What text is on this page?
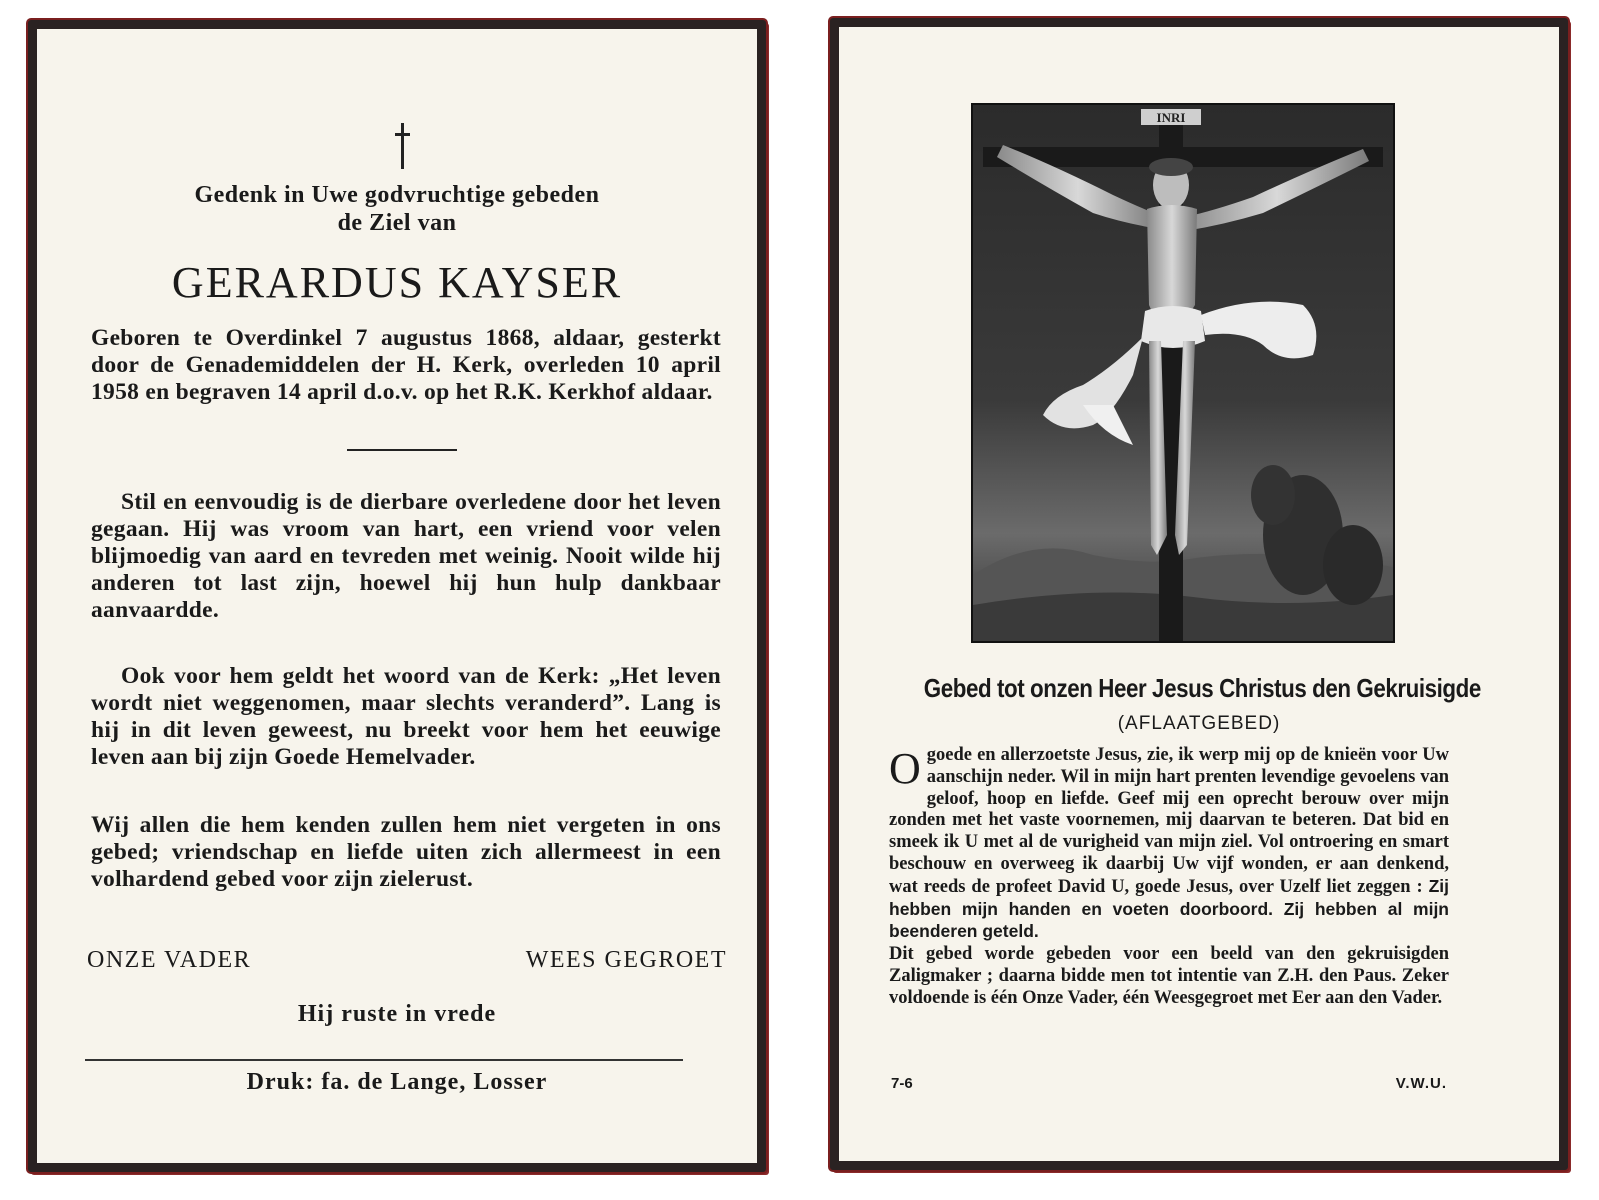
Gedenk in Uwe godvruchtige gebeden
de Ziel van
GERARDUS KAYSER

Geboren te Overdinkel 7 augustus 1868, aldaar, gesterkt door de Genademiddelen der H. Kerk, overleden 10 april 1958 en begraven 14 april d.o.v. op het R.K. Kerkhof aldaar.

Stil en eenvoudig is de dierbare overledene door het leven gegaan. Hij was vroom van hart, een vriend voor velen blijmoedig van aard en tevreden met weinig. Nooit wilde hij anderen tot last zijn, hoewel hij hun hulp dankbaar aanvaardde.

Ook voor hem geldt het woord van de Kerk: „Het leven wordt niet weggenomen, maar slechts veranderd”. Lang is hij in dit leven geweest, nu breekt voor hem het eeuwige leven aan bij zijn Goede Hemelvader.

Wij allen die hem kenden zullen hem niet vergeten in ons gebed; vriendschap en liefde uiten zich allermeest in een volhardend gebed voor zijn zielerust.

ONZE VADER	WEES GEGROET
Hij ruste in vrede
Druk: fa. de Lange, Losser
INRI
Gebed tot onzen Heer Jesus Christus den Gekruisigde
(AFLAATGEBED)

Ogoede en allerzoetste Jesus, zie, ik werp mij op de knieën voor Uw aanschijn neder. Wil in mijn hart prenten levendige gevoelens van geloof, hoop en liefde. Geef mij een oprecht berouw over mijn zonden met het vaste voornemen, mij daarvan te beteren. Dat bid en smeek ik U met al de vurigheid van mijn ziel. Vol ontroering en smart beschouw en overweeg ik daarbij Uw vijf wonden, er aan denkend, wat reeds de profeet David U, goede Jesus, over Uzelf liet zeggen : Zij hebben mijn handen en voeten doorboord. Zij hebben al mijn beenderen geteld.

Dit gebed worde gebeden voor een beeld van den gekruisigden Zaligmaker ; daarna bidde men tot intentie van Z.H. den Paus. Zeker voldoende is één Onze Vader, één Weesgegroet met Eer aan den Vader.

7-6	V.W.U.
